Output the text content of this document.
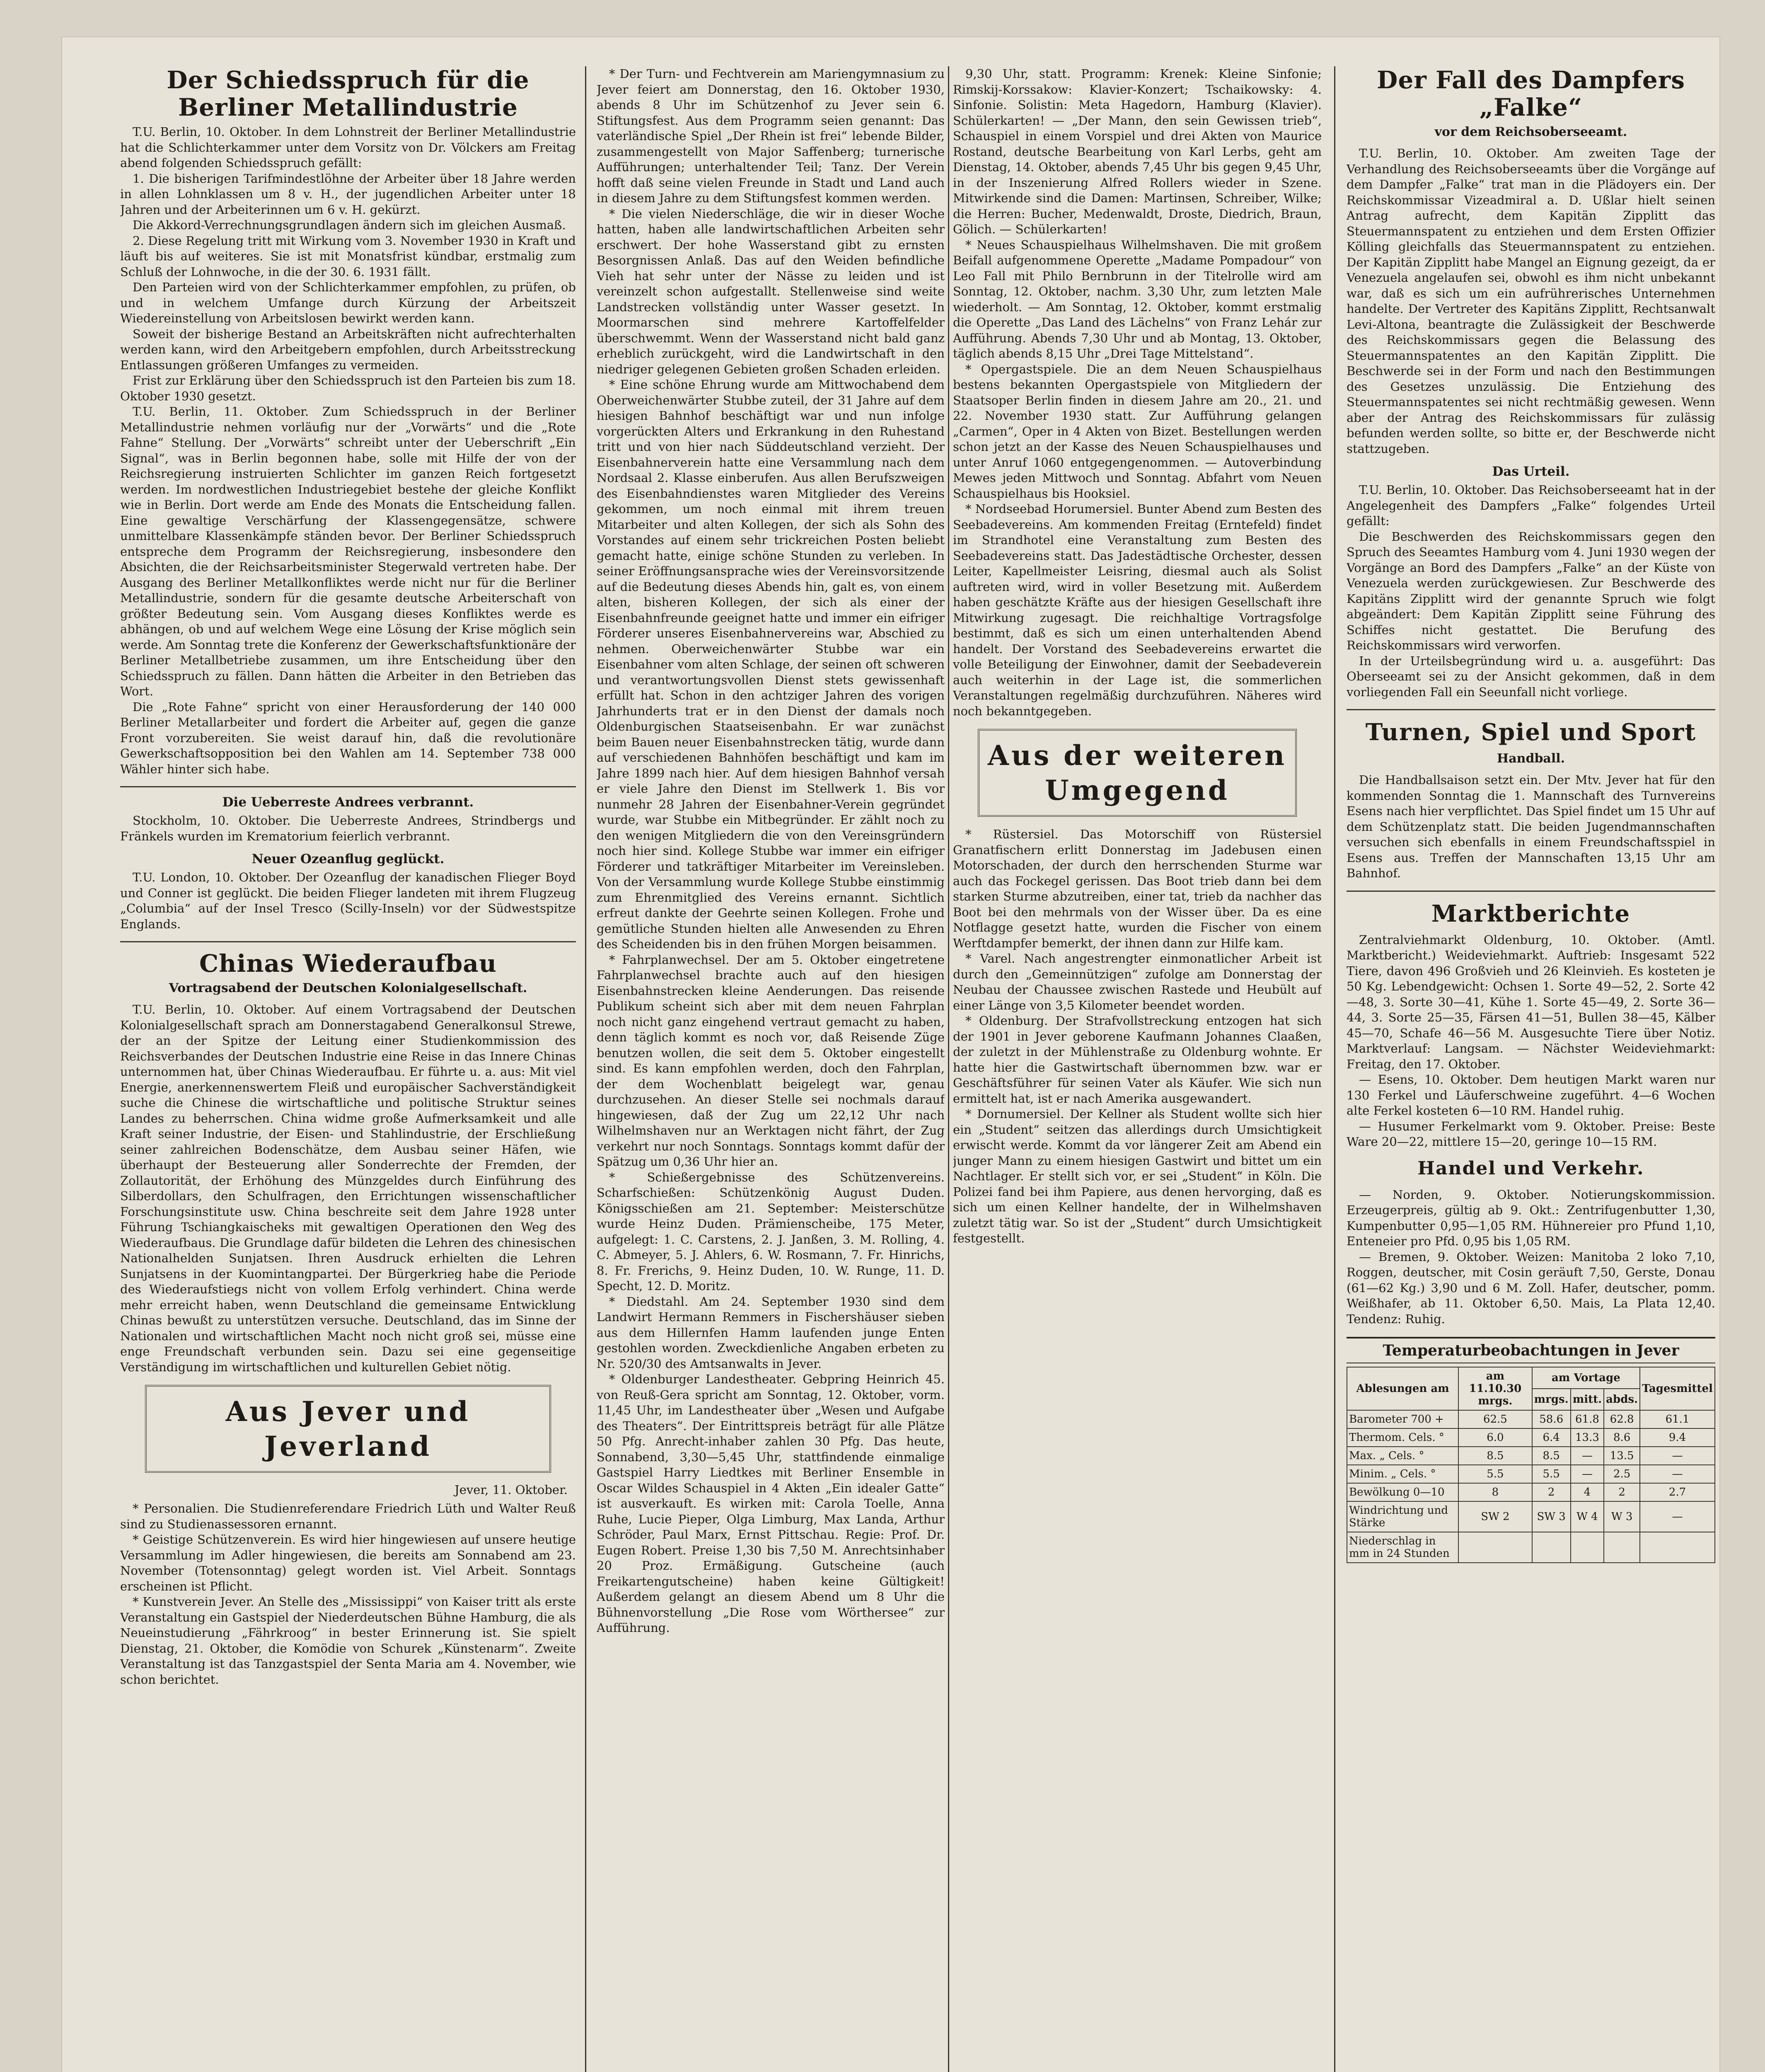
Der Schiedsspruch für die Berliner Metallindustrie

T.U. Berlin, 10. Oktober. In dem Lohnstreit der Berliner Metallindustrie hat die Schlichterkammer unter dem Vorsitz von Dr. Völckers am Freitag abend folgenden Schiedsspruch gefällt:

1. Die bisherigen Tarifmindestlöhne der Arbeiter über 18 Jahre werden in allen Lohnklassen um 8 v. H., der jugendlichen Arbeiter unter 18 Jahren und der Arbeiterinnen um 6 v. H. gekürzt.

Die Akkord-Verrechnungsgrundlagen ändern sich im gleichen Ausmaß.

2. Diese Regelung tritt mit Wirkung vom 3. November 1930 in Kraft und läuft bis auf weiteres. Sie ist mit Monatsfrist kündbar, erstmalig zum Schluß der Lohnwoche, in die der 30. 6. 1931 fällt.

Den Parteien wird von der Schlichterkammer empfohlen, zu prüfen, ob und in welchem Umfange durch Kürzung der Arbeitszeit Wiedereinstellung von Arbeitslosen bewirkt werden kann.

Soweit der bisherige Bestand an Arbeitskräften nicht aufrechterhalten werden kann, wird den Arbeitgebern empfohlen, durch Arbeitsstreckung Entlassungen größeren Umfanges zu vermeiden.

Frist zur Erklärung über den Schiedsspruch ist den Parteien bis zum 18. Oktober 1930 gesetzt.

T.U. Berlin, 11. Oktober. Zum Schiedsspruch in der Berliner Metallindustrie nehmen vorläufig nur der „Vorwärts“ und die „Rote Fahne“ Stellung. Der „Vorwärts“ schreibt unter der Ueberschrift „Ein Signal“, was in Berlin begonnen habe, solle mit Hilfe der von der Reichsregierung instruierten Schlichter im ganzen Reich fortgesetzt werden. Im nordwestlichen Industriegebiet bestehe der gleiche Konflikt wie in Berlin. Dort werde am Ende des Monats die Entscheidung fallen. Eine gewaltige Verschärfung der Klassengegensätze, schwere unmittelbare Klassenkämpfe ständen bevor. Der Berliner Schiedsspruch entspreche dem Programm der Reichsregierung, insbesondere den Absichten, die der Reichsarbeitsminister Stegerwald vertreten habe. Der Ausgang des Berliner Metallkonfliktes werde nicht nur für die Berliner Metallindustrie, sondern für die gesamte deutsche Arbeiterschaft von größter Bedeutung sein. Vom Ausgang dieses Konfliktes werde es abhängen, ob und auf welchem Wege eine Lösung der Krise möglich sein werde. Am Sonntag trete die Konferenz der Gewerkschaftsfunktionäre der Berliner Metallbetriebe zusammen, um ihre Entscheidung über den Schiedsspruch zu fällen. Dann hätten die Arbeiter in den Betrieben das Wort.

Die „Rote Fahne“ spricht von einer Herausforderung der 140 000 Berliner Metallarbeiter und fordert die Arbeiter auf, gegen die ganze Front vorzubereiten. Sie weist darauf hin, daß die revolutionäre Gewerkschaftsopposition bei den Wahlen am 14. September 738 000 Wähler hinter sich habe.

Die Ueberreste Andrees verbrannt.

Stockholm, 10. Oktober. Die Ueberreste Andrees, Strindbergs und Fränkels wurden im Krematorium feierlich verbrannt.

Neuer Ozeanflug geglückt.

T.U. London, 10. Oktober. Der Ozeanflug der kanadischen Flieger Boyd und Conner ist geglückt. Die beiden Flieger landeten mit ihrem Flugzeug „Columbia“ auf der Insel Tresco (Scilly-Inseln) vor der Südwestspitze Englands.

Chinas Wiederaufbau
Vortragsabend der Deutschen Kolonialgesellschaft.

T.U. Berlin, 10. Oktober. Auf einem Vortragsabend der Deutschen Kolonialgesellschaft sprach am Donnerstagabend Generalkonsul Strewe, der an der Spitze der Leitung einer Studienkommission des Reichsverbandes der Deutschen Industrie eine Reise in das Innere Chinas unternommen hat, über Chinas Wiederaufbau. Er führte u. a. aus: Mit viel Energie, anerkennenswertem Fleiß und europäischer Sachverständigkeit suche die Chinese die wirtschaftliche und politische Struktur seines Landes zu beherrschen. China widme große Aufmerksamkeit und alle Kraft seiner Industrie, der Eisen- und Stahlindustrie, der Erschließung seiner zahlreichen Bodenschätze, dem Ausbau seiner Häfen, wie überhaupt der Besteuerung aller Sonderrechte der Fremden, der Zollautorität, der Erhöhung des Münzgeldes durch Einführung des Silberdollars, den Schulfragen, den Errichtungen wissenschaftlicher Forschungsinstitute usw. China beschreite seit dem Jahre 1928 unter Führung Tschiangkaischeks mit gewaltigen Operationen den Weg des Wiederaufbaus. Die Grundlage dafür bildeten die Lehren des chinesischen Nationalhelden Sunjatsen. Ihren Ausdruck erhielten die Lehren Sunjatsens in der Kuomintangpartei. Der Bürgerkrieg habe die Periode des Wiederaufstiegs nicht von vollem Erfolg verhindert. China werde mehr erreicht haben, wenn Deutschland die gemeinsame Entwicklung Chinas bewußt zu unterstützen versuche. Deutschland, das im Sinne der Nationalen und wirtschaftlichen Macht noch nicht groß sei, müsse eine enge Freundschaft verbunden sein. Dazu sei eine gegenseitige Verständigung im wirtschaftlichen und kulturellen Gebiet nötig.

Aus Jever und Jeverland
Jever, 11. Oktober.

* Personalien. Die Studienreferendare Friedrich Lüth und Walter Reuß sind zu Studienassessoren ernannt.

* Geistige Schützenverein. Es wird hier hingewiesen auf unsere heutige Versammlung im Adler hingewiesen, die bereits am Sonnabend am 23. November (Totensonntag) gelegt worden ist. Viel Arbeit. Sonntags erscheinen ist Pflicht.

* Kunstverein Jever. An Stelle des „Mississippi“ von Kaiser tritt als erste Veranstaltung ein Gastspiel der Niederdeutschen Bühne Hamburg, die als Neueinstudierung „Fährkroog“ in bester Erinnerung ist. Sie spielt Dienstag, 21. Oktober, die Komödie von Schurek „Künstenarm“. Zweite Veranstaltung ist das Tanzgastspiel der Senta Maria am 4. November, wie schon berichtet.

* Der Turn- und Fechtverein am Mariengymnasium zu Jever feiert am Donnerstag, den 16. Oktober 1930, abends 8 Uhr im Schützenhof zu Jever sein 6. Stiftungsfest. Aus dem Programm seien genannt: Das vaterländische Spiel „Der Rhein ist frei“ lebende Bilder, zusammengestellt von Major Saffenberg; turnerische Aufführungen; unterhaltender Teil; Tanz. Der Verein hofft daß seine vielen Freunde in Stadt und Land auch in diesem Jahre zu dem Stiftungsfest kommen werden.

* Die vielen Niederschläge, die wir in dieser Woche hatten, haben alle landwirtschaftlichen Arbeiten sehr erschwert. Der hohe Wasserstand gibt zu ernsten Besorgnissen Anlaß. Das auf den Weiden befindliche Vieh hat sehr unter der Nässe zu leiden und ist vereinzelt schon aufgestallt. Stellenweise sind weite Landstrecken vollständig unter Wasser gesetzt. In Moormarschen sind mehrere Kartoffelfelder überschwemmt. Wenn der Wasserstand nicht bald ganz erheblich zurückgeht, wird die Landwirtschaft in den niedriger gelegenen Gebieten großen Schaden erleiden.

* Eine schöne Ehrung wurde am Mittwochabend dem Oberweichenwärter Stubbe zuteil, der 31 Jahre auf dem hiesigen Bahnhof beschäftigt war und nun infolge vorgerückten Alters und Erkrankung in den Ruhestand tritt und von hier nach Süddeutschland verzieht. Der Eisenbahnerverein hatte eine Versammlung nach dem Nordsaal 2. Klasse einberufen. Aus allen Berufszweigen des Eisenbahndienstes waren Mitglieder des Vereins gekommen, um noch einmal mit ihrem treuen Mitarbeiter und alten Kollegen, der sich als Sohn des Vorstandes auf einem sehr trickreichen Posten beliebt gemacht hatte, einige schöne Stunden zu verleben. In seiner Eröffnungsansprache wies der Vereinsvorsitzende auf die Bedeutung dieses Abends hin, galt es, von einem alten, bisheren Kollegen, der sich als einer der Eisenbahnfreunde geeignet hatte und immer ein eifriger Förderer unseres Eisenbahnervereins war, Abschied zu nehmen. Oberweichenwärter Stubbe war ein Eisenbahner vom alten Schlage, der seinen oft schweren und verantwortungsvollen Dienst stets gewissenhaft erfüllt hat. Schon in den achtziger Jahren des vorigen Jahrhunderts trat er in den Dienst der damals noch Oldenburgischen Staatseisenbahn. Er war zunächst beim Bauen neuer Eisenbahnstrecken tätig, wurde dann auf verschiedenen Bahnhöfen beschäftigt und kam im Jahre 1899 nach hier. Auf dem hiesigen Bahnhof versah er viele Jahre den Dienst im Stellwerk 1. Bis vor nunmehr 28 Jahren der Eisenbahner-Verein gegründet wurde, war Stubbe ein Mitbegründer. Er zählt noch zu den wenigen Mitgliedern die von den Vereinsgründern noch hier sind. Kollege Stubbe war immer ein eifriger Förderer und tatkräftiger Mitarbeiter im Vereinsleben. Von der Versammlung wurde Kollege Stubbe einstimmig zum Ehrenmitglied des Vereins ernannt. Sichtlich erfreut dankte der Geehrte seinen Kollegen. Frohe und gemütliche Stunden hielten alle Anwesenden zu Ehren des Scheidenden bis in den frühen Morgen beisammen.

* Fahrplanwechsel. Der am 5. Oktober eingetretene Fahrplanwechsel brachte auch auf den hiesigen Eisenbahnstrecken kleine Aenderungen. Das reisende Publikum scheint sich aber mit dem neuen Fahrplan noch nicht ganz eingehend vertraut gemacht zu haben, denn täglich kommt es noch vor, daß Reisende Züge benutzen wollen, die seit dem 5. Oktober eingestellt sind. Es kann empfohlen werden, doch den Fahrplan, der dem Wochenblatt beigelegt war, genau durchzusehen. An dieser Stelle sei nochmals darauf hingewiesen, daß der Zug um 22,12 Uhr nach Wilhelmshaven nur an Werktagen nicht fährt, der Zug verkehrt nur noch Sonntags. Sonntags kommt dafür der Spätzug um 0,36 Uhr hier an.

* Schießergebnisse des Schützenvereins. Scharfschießen: Schützenkönig August Duden. Königsschießen am 21. September: Meisterschütze wurde Heinz Duden. Prämienscheibe, 175 Meter, aufgelegt: 1. C. Carstens, 2. J. Janßen, 3. M. Rolling, 4. C. Abmeyer, 5. J. Ahlers, 6. W. Rosmann, 7. Fr. Hinrichs, 8. Fr. Frerichs, 9. Heinz Duden, 10. W. Runge, 11. D. Specht, 12. D. Moritz.

* Diedstahl. Am 24. September 1930 sind dem Landwirt Hermann Remmers in Fischershäuser sieben aus dem Hillernfen Hamm laufenden junge Enten gestohlen worden. Zweckdienliche Angaben erbeten zu Nr. 520/30 des Amtsanwalts in Jever.

* Oldenburger Landestheater. Gebpring Heinrich 45. von Reuß-Gera spricht am Sonntag, 12. Oktober, vorm. 11,45 Uhr, im Landestheater über „Wesen und Aufgabe des Theaters“. Der Eintrittspreis beträgt für alle Plätze 50 Pfg. Anrecht-inhaber zahlen 30 Pfg. Das heute, Sonnabend, 3,30—5,45 Uhr, stattfindende einmalige Gastspiel Harry Liedtkes mit Berliner Ensemble in Oscar Wildes Schauspiel in 4 Akten „Ein idealer Gatte“ ist ausverkauft. Es wirken mit: Carola Toelle, Anna Ruhe, Lucie Pieper, Olga Limburg, Max Landa, Arthur Schröder, Paul Marx, Ernst Pittschau. Regie: Prof. Dr. Eugen Robert. Preise 1,30 bis 7,50 M. Anrechtsinhaber 20 Proz. Ermäßigung. Gutscheine (auch Freikartengutscheine) haben keine Gültigkeit! Außerdem gelangt an diesem Abend um 8 Uhr die Bühnenvorstellung „Die Rose vom Wörthersee“ zur Aufführung.

9,30 Uhr, statt. Programm: Krenek: Kleine Sinfonie; Rimskij-Korssakow: Klavier-Konzert; Tschaikowsky: 4. Sinfonie. Solistin: Meta Hagedorn, Hamburg (Klavier). Schülerkarten! — „Der Mann, den sein Gewissen trieb“, Schauspiel in einem Vorspiel und drei Akten von Maurice Rostand, deutsche Bearbeitung von Karl Lerbs, geht am Dienstag, 14. Oktober, abends 7,45 Uhr bis gegen 9,45 Uhr, in der Inszenierung Alfred Rollers wieder in Szene. Mitwirkende sind die Damen: Martinsen, Schreiber, Wilke; die Herren: Bucher, Medenwaldt, Droste, Diedrich, Braun, Gölich. — Schülerkarten!

* Neues Schauspielhaus Wilhelmshaven. Die mit großem Beifall aufgenommene Operette „Madame Pompadour“ von Leo Fall mit Philo Bernbrunn in der Titelrolle wird am Sonntag, 12. Oktober, nachm. 3,30 Uhr, zum letzten Male wiederholt. — Am Sonntag, 12. Oktober, kommt erstmalig die Operette „Das Land des Lächelns“ von Franz Lehár zur Aufführung. Abends 7,30 Uhr und ab Montag, 13. Oktober, täglich abends 8,15 Uhr „Drei Tage Mittelstand“.

* Opergastspiele. Die an dem Neuen Schauspielhaus bestens bekannten Opergastspiele von Mitgliedern der Staatsoper Berlin finden in diesem Jahre am 20., 21. und 22. November 1930 statt. Zur Aufführung gelangen „Carmen“, Oper in 4 Akten von Bizet. Bestellungen werden schon jetzt an der Kasse des Neuen Schauspielhauses und unter Anruf 1060 entgegengenommen. — Autoverbindung Mewes jeden Mittwoch und Sonntag. Abfahrt vom Neuen Schauspielhaus bis Hooksiel.

* Nordseebad Horumersiel. Bunter Abend zum Besten des Seebadevereins. Am kommenden Freitag (Erntefeld) findet im Strandhotel eine Veranstaltung zum Besten des Seebadevereins statt. Das Jadestädtische Orchester, dessen Leiter, Kapellmeister Leisring, diesmal auch als Solist auftreten wird, wird in voller Besetzung mit. Außerdem haben geschätzte Kräfte aus der hiesigen Gesellschaft ihre Mitwirkung zugesagt. Die reichhaltige Vortragsfolge bestimmt, daß es sich um einen unterhaltenden Abend handelt. Der Vorstand des Seebadevereins erwartet die volle Beteiligung der Einwohner, damit der Seebadeverein auch weiterhin in der Lage ist, die sommerlichen Veranstaltungen regelmäßig durchzuführen. Näheres wird noch bekanntgegeben.

Aus der weiteren Umgegend

* Rüstersiel. Das Motorschiff von Rüstersiel Granatfischern erlitt Donnerstag im Jadebusen einen Motorschaden, der durch den herrschenden Sturme war auch das Fockegel gerissen. Das Boot trieb dann bei dem starken Sturme abzutreiben, einer tat, trieb da nachher das Boot bei den mehrmals von der Wisser über. Da es eine Notflagge gesetzt hatte, wurden die Fischer von einem Werftdampfer bemerkt, der ihnen dann zur Hilfe kam.

* Varel. Nach angestrengter einmonatlicher Arbeit ist durch den „Gemeinnützigen“ zufolge am Donnerstag der Neubau der Chaussee zwischen Rastede und Heubült auf einer Länge von 3,5 Kilometer beendet worden.

* Oldenburg. Der Strafvollstreckung entzogen hat sich der 1901 in Jever geborene Kaufmann Johannes Claaßen, der zuletzt in der Mühlenstraße zu Oldenburg wohnte. Er hatte hier die Gastwirtschaft übernommen bzw. war er Geschäftsführer für seinen Vater als Käufer. Wie sich nun ermittelt hat, ist er nach Amerika ausgewandert.

* Dornumersiel. Der Kellner als Student wollte sich hier ein „Student“ seitzen das allerdings durch Umsichtigkeit erwischt werde. Kommt da vor längerer Zeit am Abend ein junger Mann zu einem hiesigen Gastwirt und bittet um ein Nachtlager. Er stellt sich vor, er sei „Student“ in Köln. Die Polizei fand bei ihm Papiere, aus denen hervorging, daß es sich um einen Kellner handelte, der in Wilhelmshaven zuletzt tätig war. So ist der „Student“ durch Umsichtigkeit festgestellt.

Der Fall des Dampfers „Falke“
vor dem Reichsoberseeamt.

T.U. Berlin, 10. Oktober. Am zweiten Tage der Verhandlung des Reichsoberseeamts über die Vorgänge auf dem Dampfer „Falke“ trat man in die Plädoyers ein. Der Reichskommissar Vizeadmiral a. D. Ußlar hielt seinen Antrag aufrecht, dem Kapitän Zipplitt das Steuermannspatent zu entziehen und dem Ersten Offizier Kölling gleichfalls das Steuermannspatent zu entziehen. Der Kapitän Zipplitt habe Mangel an Eignung gezeigt, da er Venezuela angelaufen sei, obwohl es ihm nicht unbekannt war, daß es sich um ein aufrührerisches Unternehmen handelte. Der Vertreter des Kapitäns Zipplitt, Rechtsanwalt Levi-Altona, beantragte die Zulässigkeit der Beschwerde des Reichskommissars gegen die Belassung des Steuermannspatentes an den Kapitän Zipplitt. Die Beschwerde sei in der Form und nach den Bestimmungen des Gesetzes unzulässig. Die Entziehung des Steuermannspatentes sei nicht rechtmäßig gewesen. Wenn aber der Antrag des Reichskommissars für zulässig befunden werden sollte, so bitte er, der Beschwerde nicht stattzugeben.

Das Urteil.

T.U. Berlin, 10. Oktober. Das Reichsoberseeamt hat in der Angelegenheit des Dampfers „Falke“ folgendes Urteil gefällt:

Die Beschwerden des Reichskommissars gegen den Spruch des Seeamtes Hamburg vom 4. Juni 1930 wegen der Vorgänge an Bord des Dampfers „Falke“ an der Küste von Venezuela werden zurückgewiesen. Zur Beschwerde des Kapitäns Zipplitt wird der genannte Spruch wie folgt abgeändert: Dem Kapitän Zipplitt seine Führung des Schiffes nicht gestattet. Die Berufung des Reichskommissars wird verworfen.

In der Urteilsbegründung wird u. a. ausgeführt: Das Oberseeamt sei zu der Ansicht gekommen, daß in dem vorliegenden Fall ein Seeunfall nicht vorliege.

Turnen, Spiel und Sport
Handball.

Die Handballsaison setzt ein. Der Mtv. Jever hat für den kommenden Sonntag die 1. Mannschaft des Turnvereins Esens nach hier verpflichtet. Das Spiel findet um 15 Uhr auf dem Schützenplatz statt. Die beiden Jugendmannschaften versuchen sich ebenfalls in einem Freundschaftsspiel in Esens aus. Treffen der Mannschaften 13,15 Uhr am Bahnhof.

Marktberichte

Zentralviehmarkt Oldenburg, 10. Oktober. (Amtl. Marktbericht.) Weideviehmarkt. Auftrieb: Insgesamt 522 Tiere, davon 496 Großvieh und 26 Kleinvieh. Es kosteten je 50 Kg. Lebendgewicht: Ochsen 1. Sorte 49—52, 2. Sorte 42—48, 3. Sorte 30—41, Kühe 1. Sorte 45—49, 2. Sorte 36—44, 3. Sorte 25—35, Färsen 41—51, Bullen 38—45, Kälber 45—70, Schafe 46—56 M. Ausgesuchte Tiere über Notiz. Marktverlauf: Langsam. — Nächster Weideviehmarkt: Freitag, den 17. Oktober.

— Esens, 10. Oktober. Dem heutigen Markt waren nur 130 Ferkel und Läuferschweine zugeführt. 4—6 Wochen alte Ferkel kosteten 6—10 RM. Handel ruhig.

— Husumer Ferkelmarkt vom 9. Oktober. Preise: Beste Ware 20—22, mittlere 15—20, geringe 10—15 RM.

Handel und Verkehr.

— Norden, 9. Oktober. Notierungskommission. Erzeugerpreis, gültig ab 9. Okt.: Zentrifugenbutter 1,30, Kumpenbutter 0,95—1,05 RM. Hühnereier pro Pfund 1,10, Enteneier pro Pfd. 0,95 bis 1,05 RM.

— Bremen, 9. Oktober. Weizen: Manitoba 2 loko 7,10, Roggen, deutscher, mit Cosin geräuft 7,50, Gerste, Donau (61—62 Kg.) 3,90 und 6 M. Zoll. Hafer, deutscher, pomm. Weißhafer, ab 11. Oktober 6,50. Mais, La Plata 12,40. Tendenz: Ruhig.

Temperaturbeobachtungen in Jever
Ablesungen am	am 11.10.30 mrgs.	am Vortage			Tagesmittel
		mrgs.	mitt.	abds.	
Barometer 700 +	62.5	58.6	61.8	62.8	61.1
Thermom. Cels. °	6.0	6.4	13.3	8.6	9.4
Max. „ Cels. °	8.5	8.5	—	13.5	—
Minim. „ Cels. °	5.5	5.5	—	2.5	—
Bewölkung 0—10	8	2	4	2	2.7
Windrichtung und Stärke	SW 2	SW 3	W 4	W 3	—
Niederschlag in mm in 24 Stunden					
